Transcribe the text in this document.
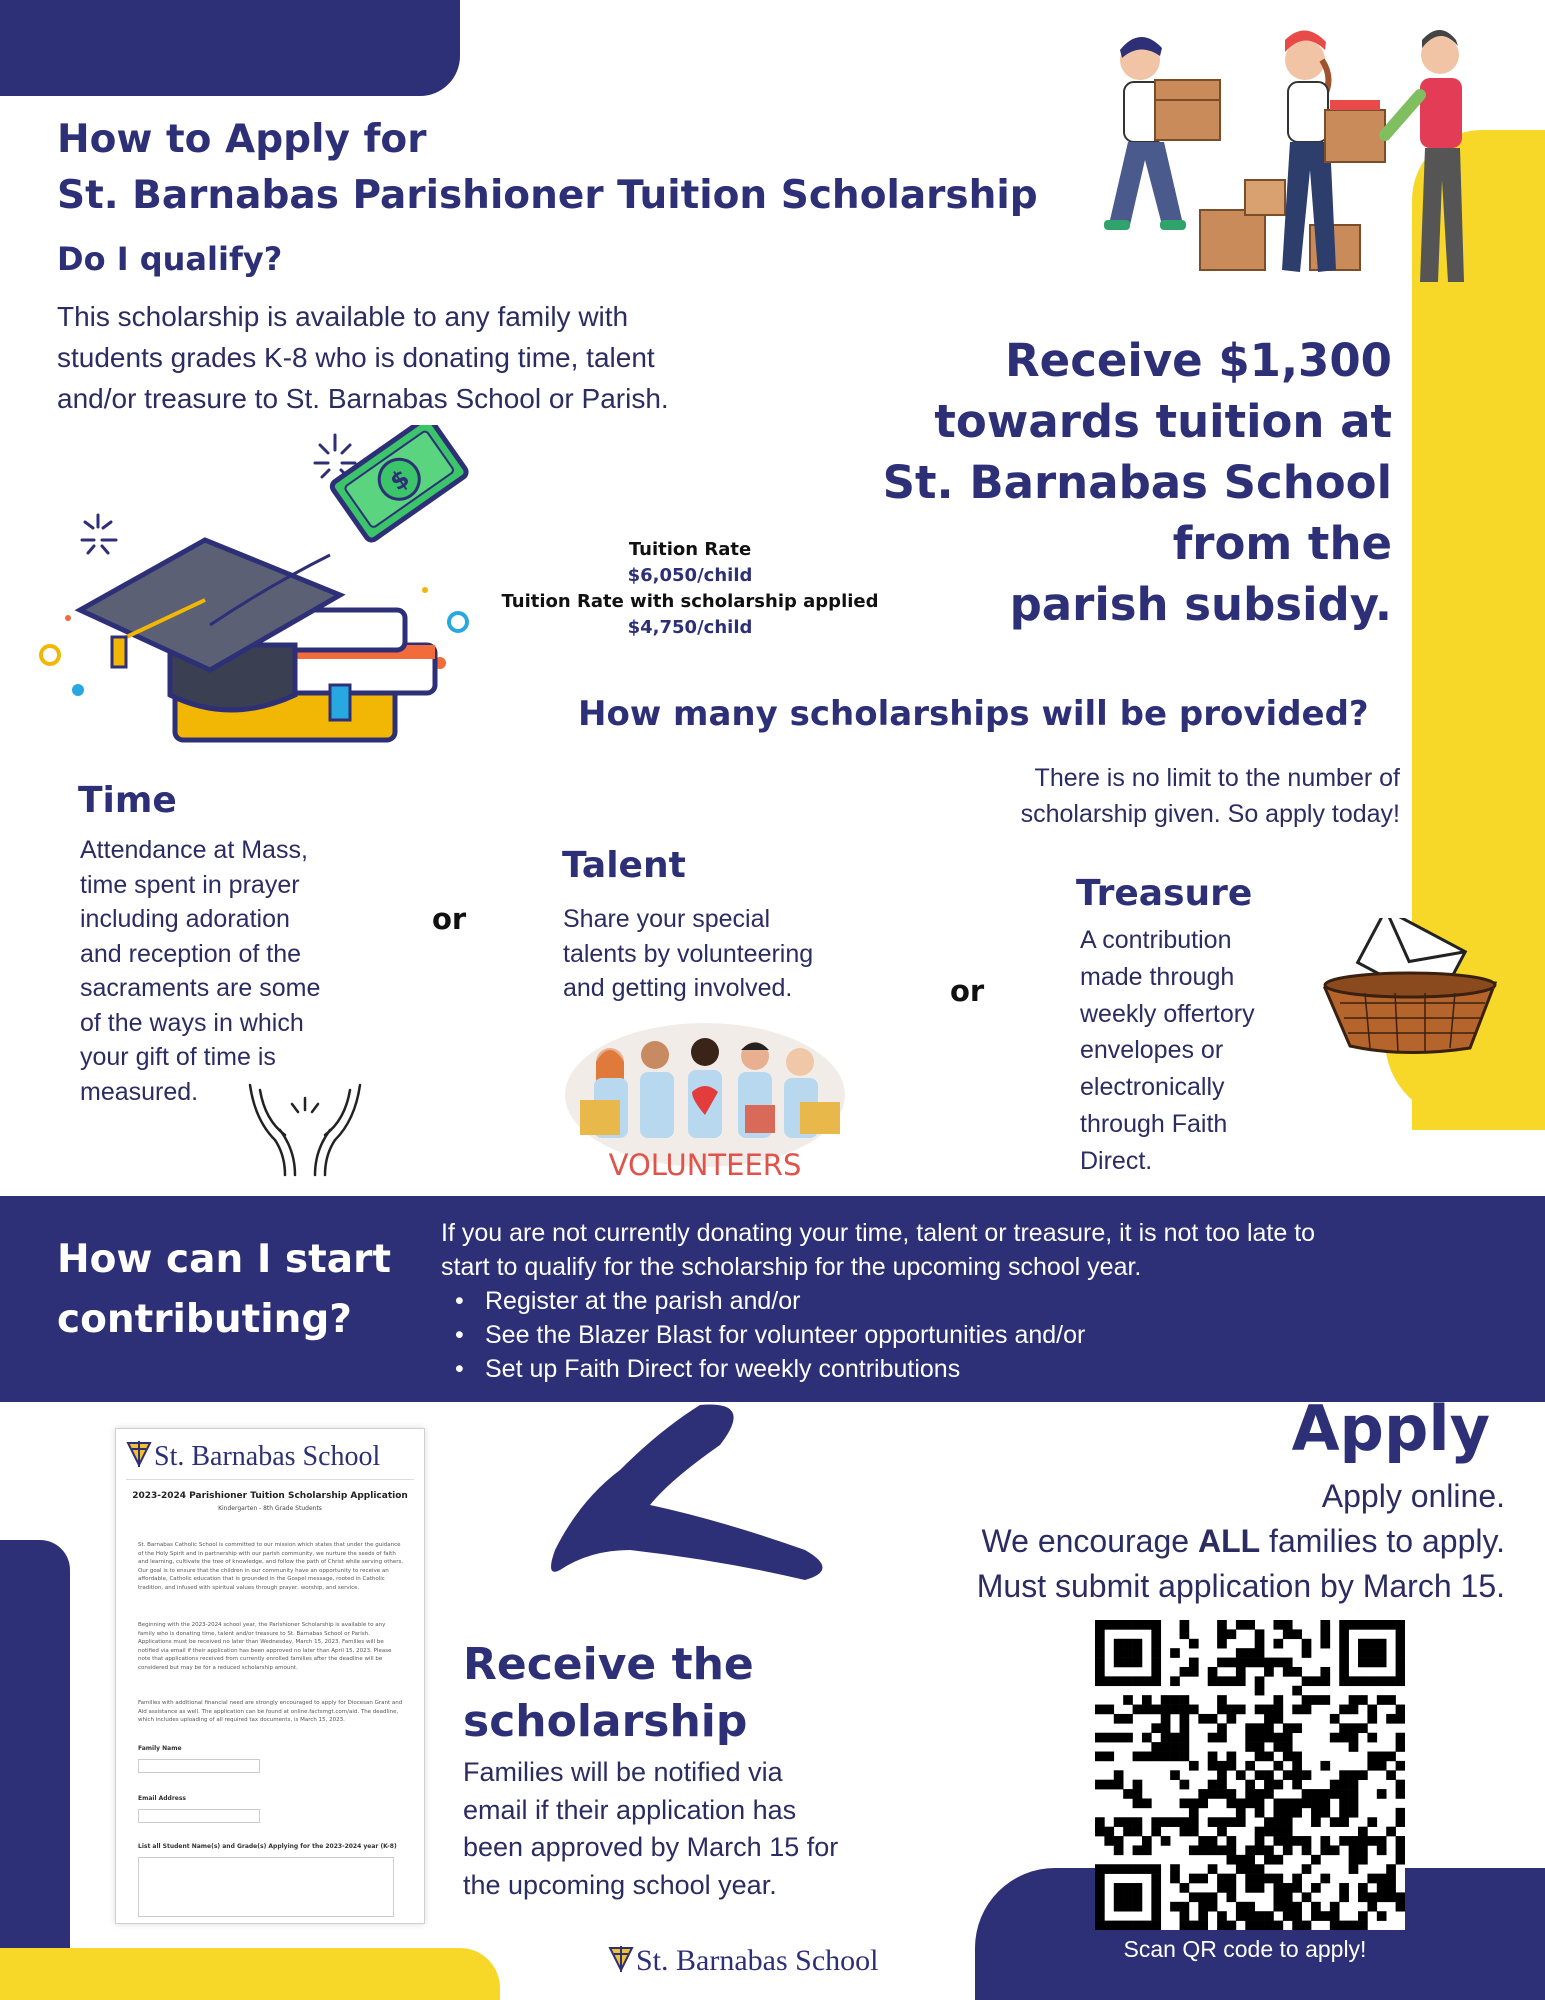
How to Apply for
St. Barnabas Parishioner Tuition Scholarship
Do I qualify?
This scholarship is available to any family with
students grades K-8 who is donating time, talent
and/or treasure to St. Barnabas School or Parish.
Receive $1,300
towards tuition at
St. Barnabas School
from the
parish subsidy.
$
Tuition Rate
$6,050/child
Tuition Rate with scholarship applied
$4,750/child
How many scholarships will be provided?
There is no limit to the number of
scholarship given. So apply today!
Time
Attendance at Mass,
time spent in prayer
including adoration
and reception of the
sacraments are some
of the ways in which
your gift of time is
measured.
or
Talent
Share your special
talents by volunteering
and getting involved.
VOLUNTEERS
or
Treasure
A contribution
made through
weekly offertory
envelopes or
electronically
through Faith
Direct.
How can I start
contributing?
If you are not currently donating your time, talent or treasure, it is not too late to
start to qualify for the scholarship for the upcoming school year.
• Register at the parish and/or
• See the Blazer Blast for volunteer opportunities and/or
• Set up Faith Direct for weekly contributions
St. Barnabas School
2023-2024 Parishioner Tuition Scholarship Application
Kindergarten - 8th Grade Students
St. Barnabas Catholic School is committed to our mission which states that under the guidance of the Holy Spirit and in partnership with our parish community, we nurture the seeds of faith and learning, cultivate the tree of knowledge, and follow the path of Christ while serving others. Our goal is to ensure that the children in our community have an opportunity to receive an affordable, Catholic education that is grounded in the Gospel message, rooted in Catholic tradition, and infused with spiritual values through prayer, worship, and service.
Beginning with the 2023-2024 school year, the Parishioner Scholarship is available to any family who is donating time, talent and/or treasure to St. Barnabas School or Parish. Applications must be received no later than Wednesday, March 15, 2023. Families will be notified via email if their application has been approved no later than April 15, 2023. Please note that applications received from currently enrolled families after the deadline will be considered but may be for a reduced scholarship amount.
Families with additional financial need are strongly encouraged to apply for Diocesan Grant and Aid assistance as well. The application can be found at online.factsmgt.com/aid. The deadline, which includes uploading of all required tax documents, is March 15, 2023.
Family Name
Email Address
List all Student Name(s) and Grade(s) Applying for the 2023-2024 year (K-8)
Apply
Apply online.
We encourage ALL families to apply.
Must submit application by March 15.
Scan QR code to apply!
Receive the
scholarship
Families will be notified via
email if their application has
been approved by March 15 for
the upcoming school year.
St. Barnabas School
